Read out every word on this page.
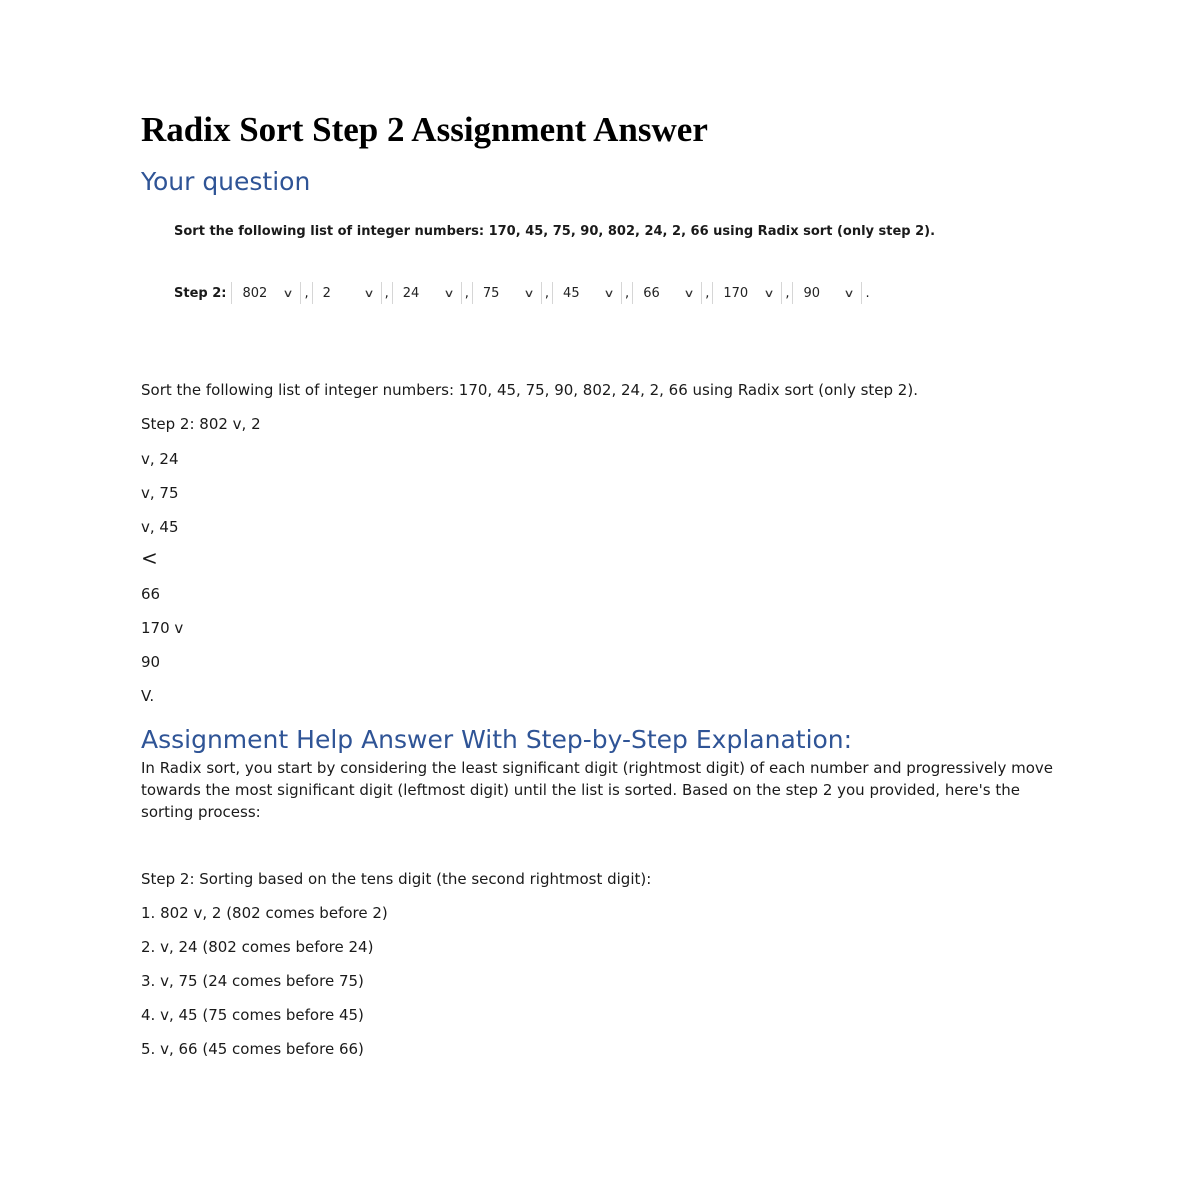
Radix Sort Step 2 Assignment Answer
Your question
Sort the following list of integer numbers: 170, 45, 75, 90, 802, 24, 2, 66 using Radix sort (only step 2).
Step 2: 802 ∨ , 2	∨ , 24 ∨ , 75 ∨ , 45 ∨ , 66 ∨ , 170 ∨ , 90 ∨ .

Sort the following list of integer numbers: 170, 45, 75, 90, 802, 24, 2, 66 using Radix sort (only step 2).

Step 2: 802 v, 2

v, 24

v, 75

v, 45

<

66

170 v

90

V.

Assignment Help Answer With Step-by-Step Explanation:

In Radix sort, you start by considering the least significant digit (rightmost digit) of each number and progressively move towards the most significant digit (leftmost digit) until the list is sorted. Based on the step 2 you provided, here's the sorting process:

Step 2: Sorting based on the tens digit (the second rightmost digit):

1. 802 v, 2 (802 comes before 2)

2. v, 24 (802 comes before 24)

3. v, 75 (24 comes before 75)

4. v, 45 (75 comes before 45)

5. v, 66 (45 comes before 66)
